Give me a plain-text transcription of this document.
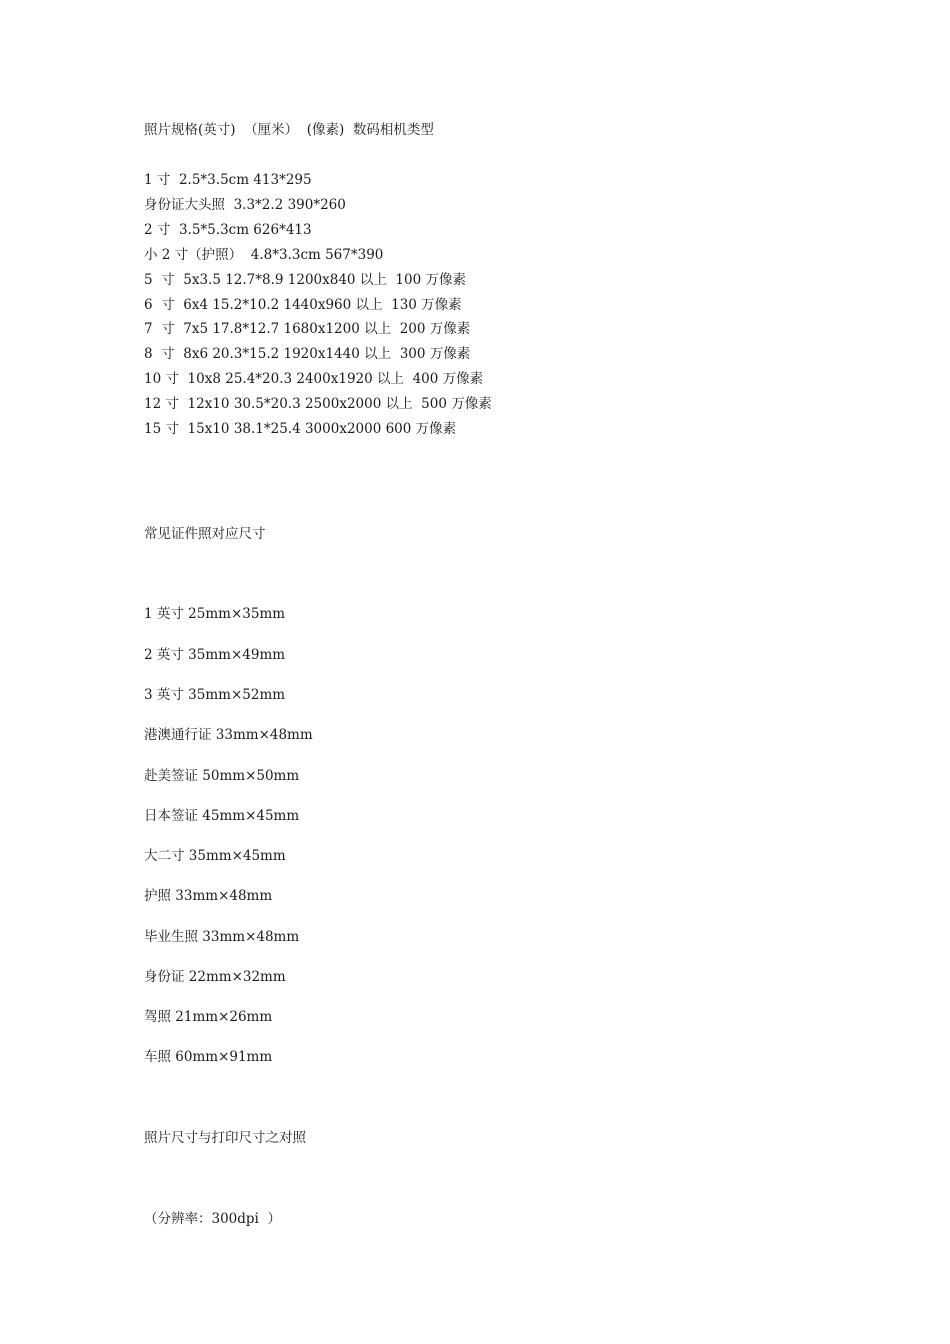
照片规格(英寸)  （厘米）  (像素)  数码相机类型

1 寸  2.5*3.5cm 413*295

身份证大头照  3.3*2.2 390*260

2 寸  3.5*5.3cm 626*413

小 2 寸（护照）  4.8*3.3cm 567*390

5  寸  5x3.5 12.7*8.9 1200x840 以上  100 万像素

6  寸  6x4 15.2*10.2 1440x960 以上  130 万像素

7  寸  7x5 17.8*12.7 1680x1200 以上  200 万像素

8  寸  8x6 20.3*15.2 1920x1440 以上  300 万像素

10 寸  10x8 25.4*20.3 2400x1920 以上  400 万像素

12 寸  12x10 30.5*20.3 2500x2000 以上  500 万像素

15 寸  15x10 38.1*25.4 3000x2000 600 万像素

常见证件照对应尺寸

1 英寸 25mm×35mm

2 英寸 35mm×49mm

3 英寸 35mm×52mm

港澳通行证 33mm×48mm

赴美签证 50mm×50mm

日本签证 45mm×45mm

大二寸 35mm×45mm

护照 33mm×48mm

毕业生照 33mm×48mm

身份证 22mm×32mm

驾照 21mm×26mm

车照 60mm×91mm

照片尺寸与打印尺寸之对照

（分辨率：300dpi  ）
